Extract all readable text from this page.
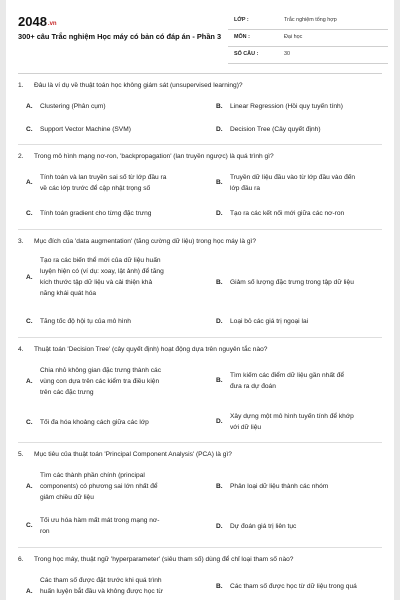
2048.vn
300+ câu Trắc nghiệm Học máy có bản có đáp án - Phần 3
LỚP :	Trắc nghiệm tổng hợp
MÔN :	Đại học
SỐ CÂU :	30
1. Đâu là ví dụ về thuật toán học không giám sát (unsupervised learning)?
A. Clustering (Phân cụm)	B. Linear Regression (Hồi quy tuyến tính)
C. Support Vector Machine (SVM)	D. Decision Tree (Cây quyết định)
2. Trong mô hình mạng nơ-ron, 'backpropagation' (lan truyền ngược) là quá trình gì?
A.
Tính toán và lan truyền sai số từ lớp đầu ra
về các lớp trước để cập nhật trọng số
B.
Truyền dữ liệu đầu vào từ lớp đầu vào đến
lớp đầu ra
C. Tính toán gradient cho từng đặc trưng	D. Tạo ra các kết nối mới giữa các nơ-ron
3. Mục đích của 'data augmentation' (tăng cường dữ liệu) trong học máy là gì?
A.
Tạo ra các biến thể mới của dữ liệu huấn
luyện hiện có (ví dụ: xoay, lật ảnh) để tăng
kích thước tập dữ liệu và cải thiện khả
năng khái quát hóa
B. Giảm số lượng đặc trưng trong tập dữ liệu
C. Tăng tốc độ hội tụ của mô hình	D. Loại bỏ các giá trị ngoại lai
4. Thuật toán 'Decision Tree' (cây quyết định) hoạt động dựa trên nguyên tắc nào?
A.
Chia nhỏ không gian đặc trưng thành các
vùng con dựa trên các kiểm tra điều kiện
trên các đặc trưng
B.
Tìm kiếm các điểm dữ liệu gần nhất để
đưa ra dự đoán
C. Tối đa hóa khoảng cách giữa các lớp	D.
Xây dựng một mô hình tuyến tính để khớp
với dữ liệu
5. Mục tiêu của thuật toán 'Principal Component Analysis' (PCA) là gì?
A.
Tìm các thành phần chính (principal
components) có phương sai lớn nhất để
giảm chiều dữ liệu
B. Phân loại dữ liệu thành các nhóm
C.
Tối ưu hóa hàm mất mát trong mạng nơ-
ron
D. Dự đoán giá trị liên tục
6. Trong học máy, thuật ngữ 'hyperparameter' (siêu tham số) dùng để chỉ loại tham số nào?
A.
Các tham số được đặt trước khi quá trình
huấn luyện bắt đầu và không được học từ
B. Các tham số được học từ dữ liệu trong quá
